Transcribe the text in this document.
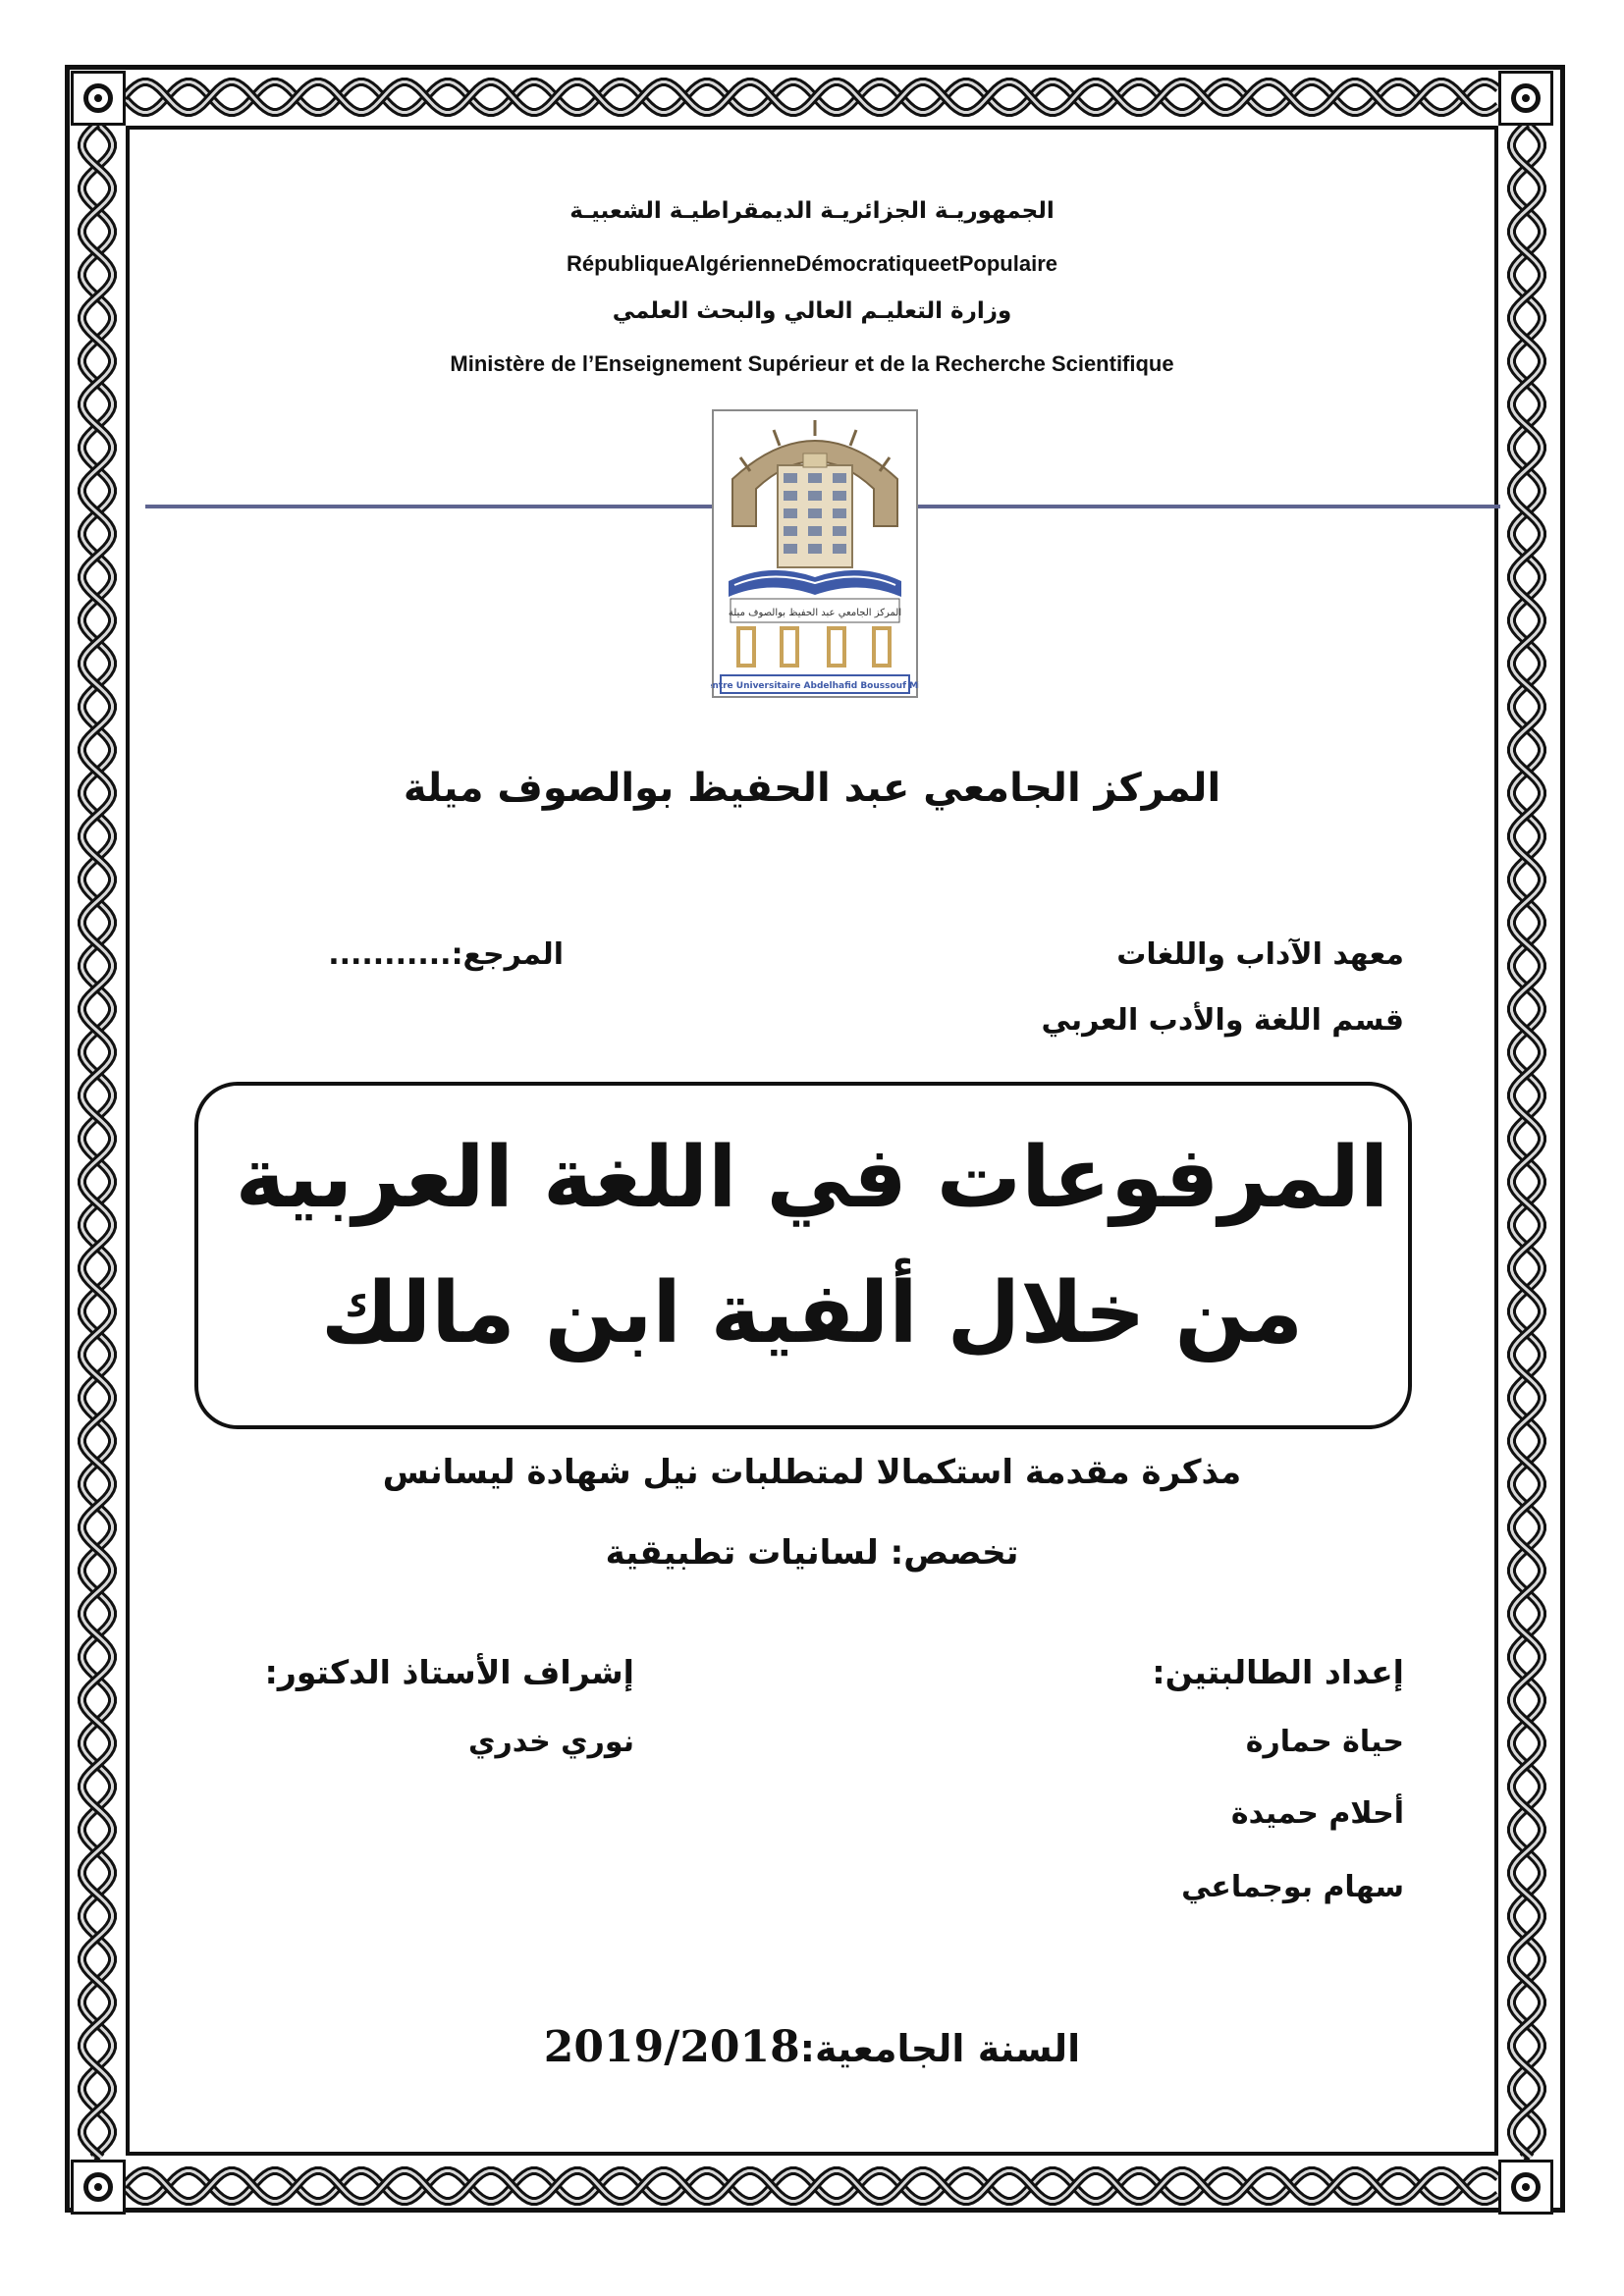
الجمهوريـة الجزائريـة الديمقراطيـة الشعبيـة
RépubliqueAlgérienneDémocratiqueetPopulaire
وزارة التعليـم العالي والبحث العلمي
Ministère de l’Enseignement Supérieur et de la Recherche Scientifique
المركز الجامعي عبد الحفيظ بوالصوف ميلة
Centre Universitaire Abdelhafid Boussouf Mila
المركز الجامعي عبد الحفيظ بوالصوف ميلة
معهد الآداب واللغات
المرجع:...........
قسم اللغة والأدب العربي
المرفوعات في اللغة العربية
من خلال ألفية ابن مالك
مذكرة مقدمة استكمالا لمتطلبات نيل شهادة ليسانس
تخصص: لسانيات تطبيقية
إعداد الطالبتين:
إشراف الأستاذ الدكتور:
حياة حمارة
نوري خدري
أحلام حميدة
سهام بوجماعي
2019/2018السنة الجامعية:
